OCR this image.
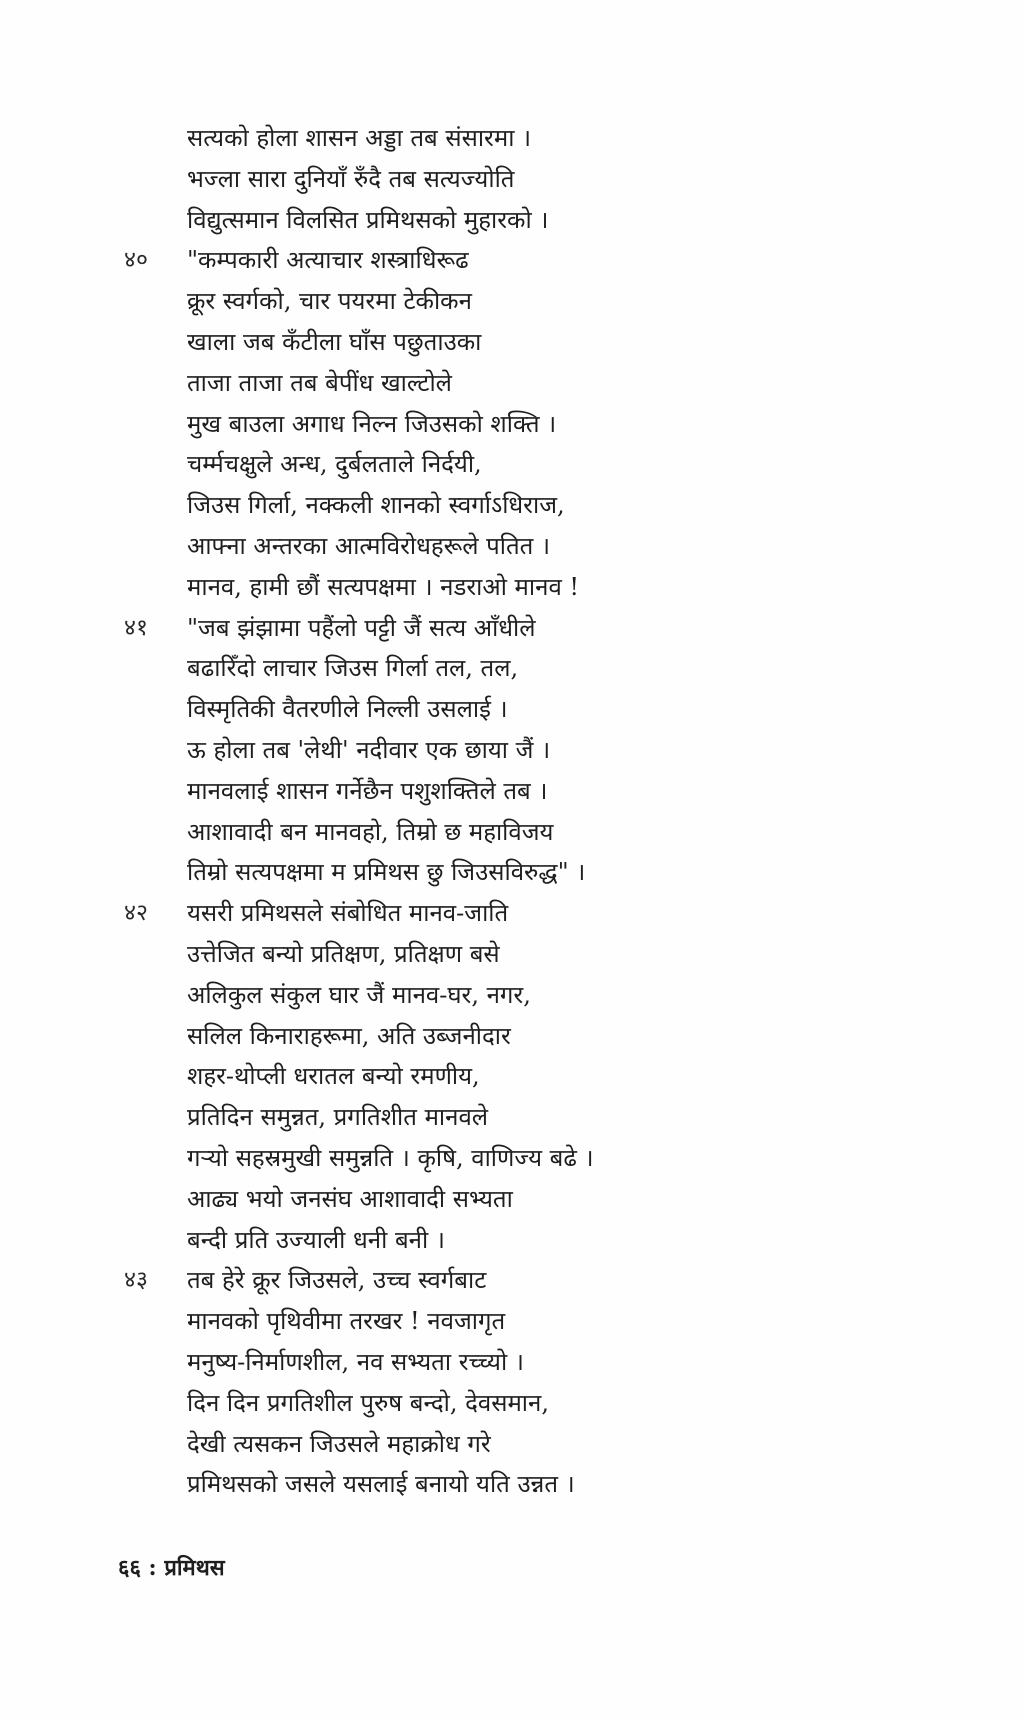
सत्यको होला शासन अड्डा तब संसारमा ।
भज्ला सारा दुनियाँ रुँदै तब सत्यज्योति
विद्युत्समान विलसित प्रमिथसको मुहारको ।
४०	"कम्पकारी अत्याचार शस्त्राधिरूढ
क्रूर स्वर्गको, चार पयरमा टेकीकन
खाला जब कँटीला घाँस पछुताउका
ताजा ताजा तब बेपींध खाल्टोले
मुख बाउला अगाध निल्न जिउसको शक्ति ।
चर्म्मचक्षुले अन्ध, दुर्बलताले निर्दयी,
जिउस गिर्ला, नक्कली शानको स्वर्गाऽधिराज,
आफ्ना अन्तरका आत्मविरोधहरूले पतित ।
मानव, हामी छौं सत्यपक्षमा । नडराओ मानव !
४१	"जब झंझामा पहैंलो पट्टी जैं सत्य आँधीले
बढारिँदो लाचार जिउस गिर्ला तल, तल,
विस्मृतिकी वैतरणीले निल्ली उसलाई ।
ऊ होला तब 'लेथी' नदीवार एक छाया जैं ।
मानवलाई शासन गर्नेछैन पशुशक्तिले तब ।
आशावादी बन मानवहो, तिम्रो छ महाविजय
तिम्रो सत्यपक्षमा म प्रमिथस छु जिउसविरुद्ध" ।
४२	यसरी प्रमिथसले संबोधित मानव-जाति
उत्तेजित बन्यो प्रतिक्षण, प्रतिक्षण बसे
अलिकुल संकुल घार जैं मानव-घर, नगर,
सलिल किनाराहरूमा, अति उब्जनीदार
शहर-थोप्ली धरातल बन्यो रमणीय,
प्रतिदिन समुन्नत, प्रगतिशीत मानवले
गऱ्यो सहस्रमुखी समुन्नति । कृषि, वाणिज्य बढे ।
आढ्य भयो जनसंघ आशावादी सभ्यता
बन्दी प्रति उज्याली धनी बनी ।
४३	तब हेरे क्रूर जिउसले, उच्च स्वर्गबाट
मानवको पृथिवीमा तरखर ! नवजागृत
मनुष्य-निर्माणशील, नव सभ्यता रच्च्यो ।
दिन दिन प्रगतिशील पुरुष बन्दो, देवसमान,
देखी त्यसकन जिउसले महाक्रोध गरे
प्रमिथसको जसले यसलाई बनायो यति उन्नत ।
६६ : प्रमिथस
